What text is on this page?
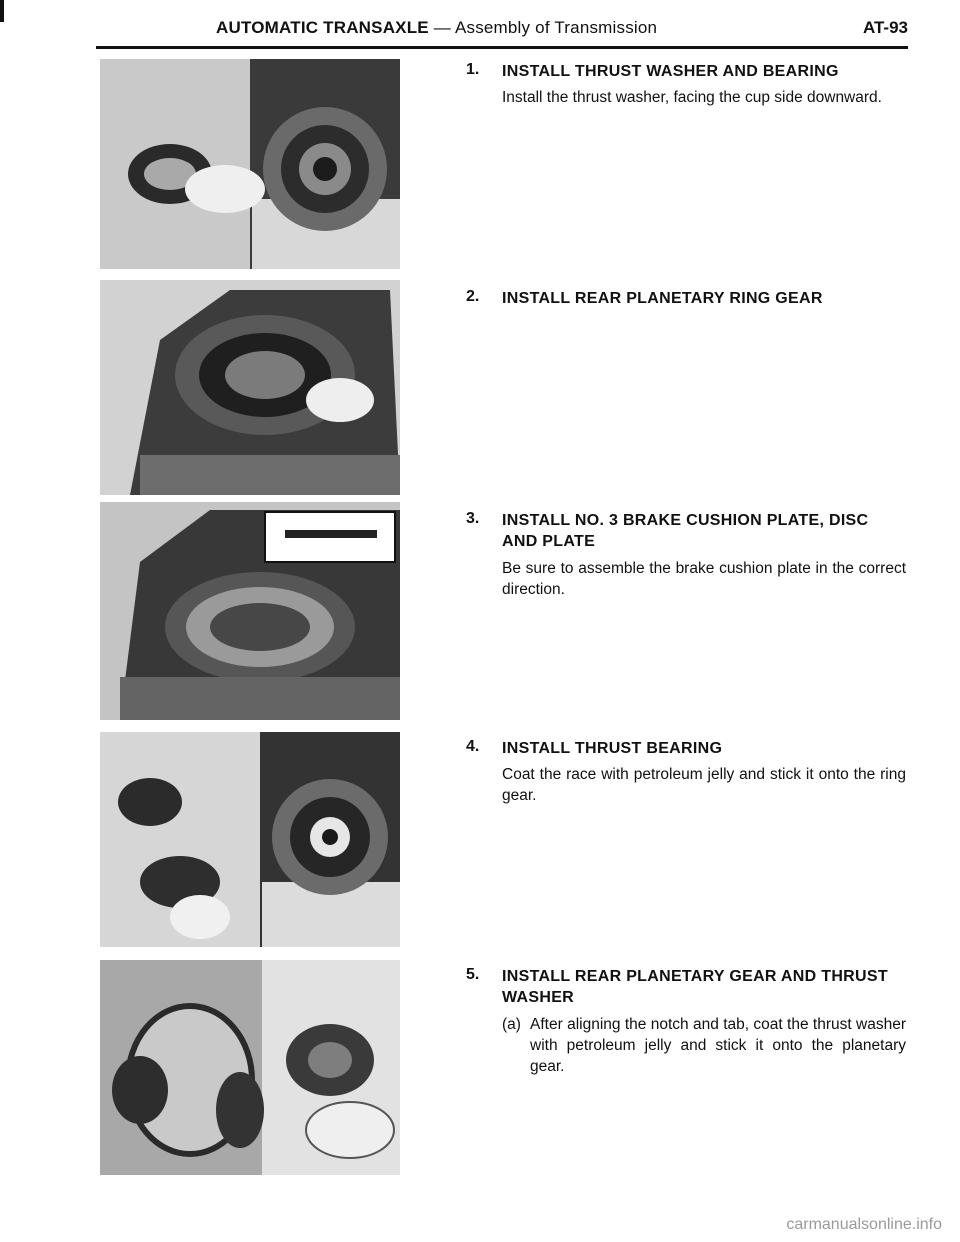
AUTOMATIC TRANSAXLE — Assembly of Transmission	AT-93
1. INSTALL THRUST WASHER AND BEARING
Install the thrust washer, facing the cup side downward.
2. INSTALL REAR PLANETARY RING GEAR
3. INSTALL NO. 3 BRAKE CUSHION PLATE, DISC AND PLATE
Be sure to assemble the brake cushion plate in the correct direction.
4. INSTALL THRUST BEARING
Coat the race with petroleum jelly and stick it onto the ring gear.
5. INSTALL REAR PLANETARY GEAR AND THRUST WASHER
(a) After aligning the notch and tab, coat the thrust washer with petroleum jelly and stick it onto the planetary gear.
carmanualsonline.info
